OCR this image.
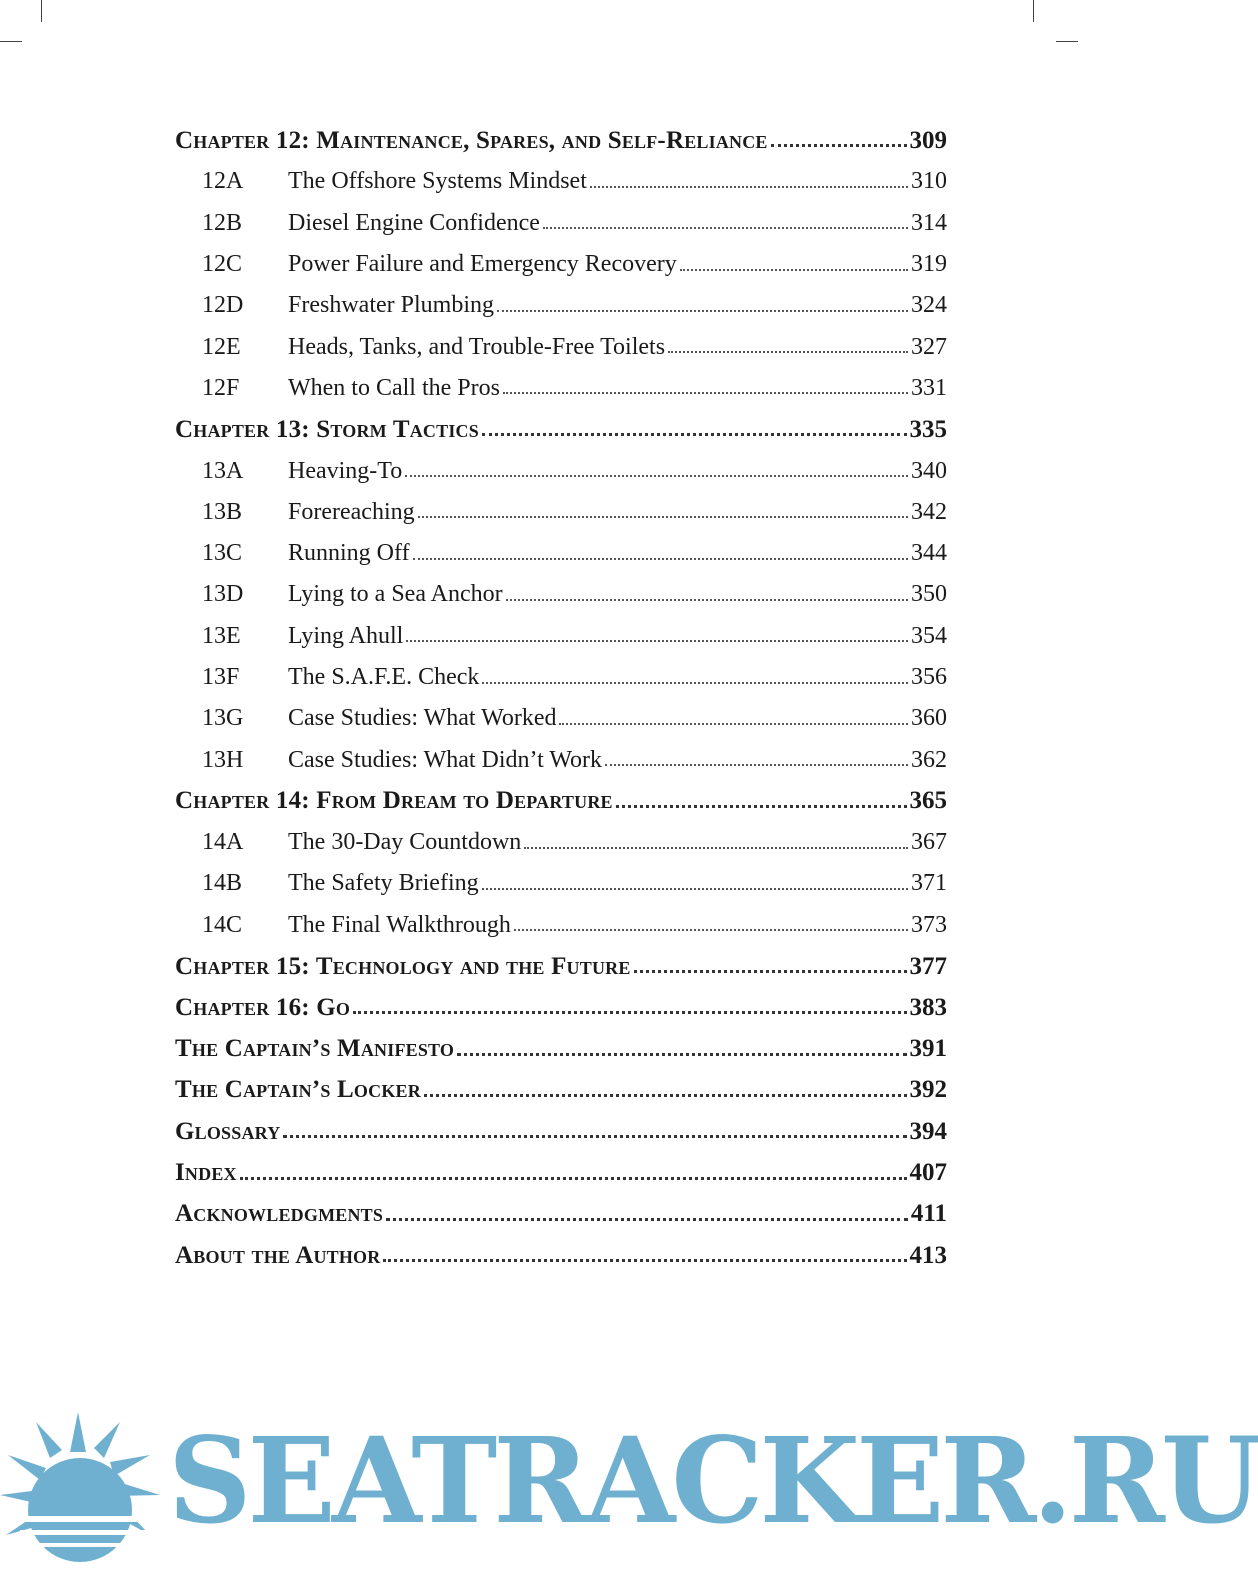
Chapter 12: Maintenance, Spares, and Self-Reliance	309
12A	The Offshore Systems Mindset	310
12B	Diesel Engine Confidence	314
12C	Power Failure and Emergency Recovery	319
12D	Freshwater Plumbing	324
12E	Heads, Tanks, and Trouble-Free Toilets	327
12F	When to Call the Pros	331
Chapter 13: Storm Tactics	335
13A	Heaving-To	340
13B	Forereaching	342
13C	Running Off	344
13D	Lying to a Sea Anchor	350
13E	Lying Ahull	354
13F	The S.A.F.E. Check	356
13G	Case Studies: What Worked	360
13H	Case Studies: What Didn’t Work	362
Chapter 14: From Dream to Departure	365
14A	The 30-Day Countdown	367
14B	The Safety Briefing	371
14C	The Final Walkthrough	373
Chapter 15: Technology and the Future	377
Chapter 16: Go	383
The Captain’s Manifesto	391
The Captain’s Locker	392
Glossary	394
Index	407
Acknowledgments	411
About the Author	413
SEATRACKER.RU
